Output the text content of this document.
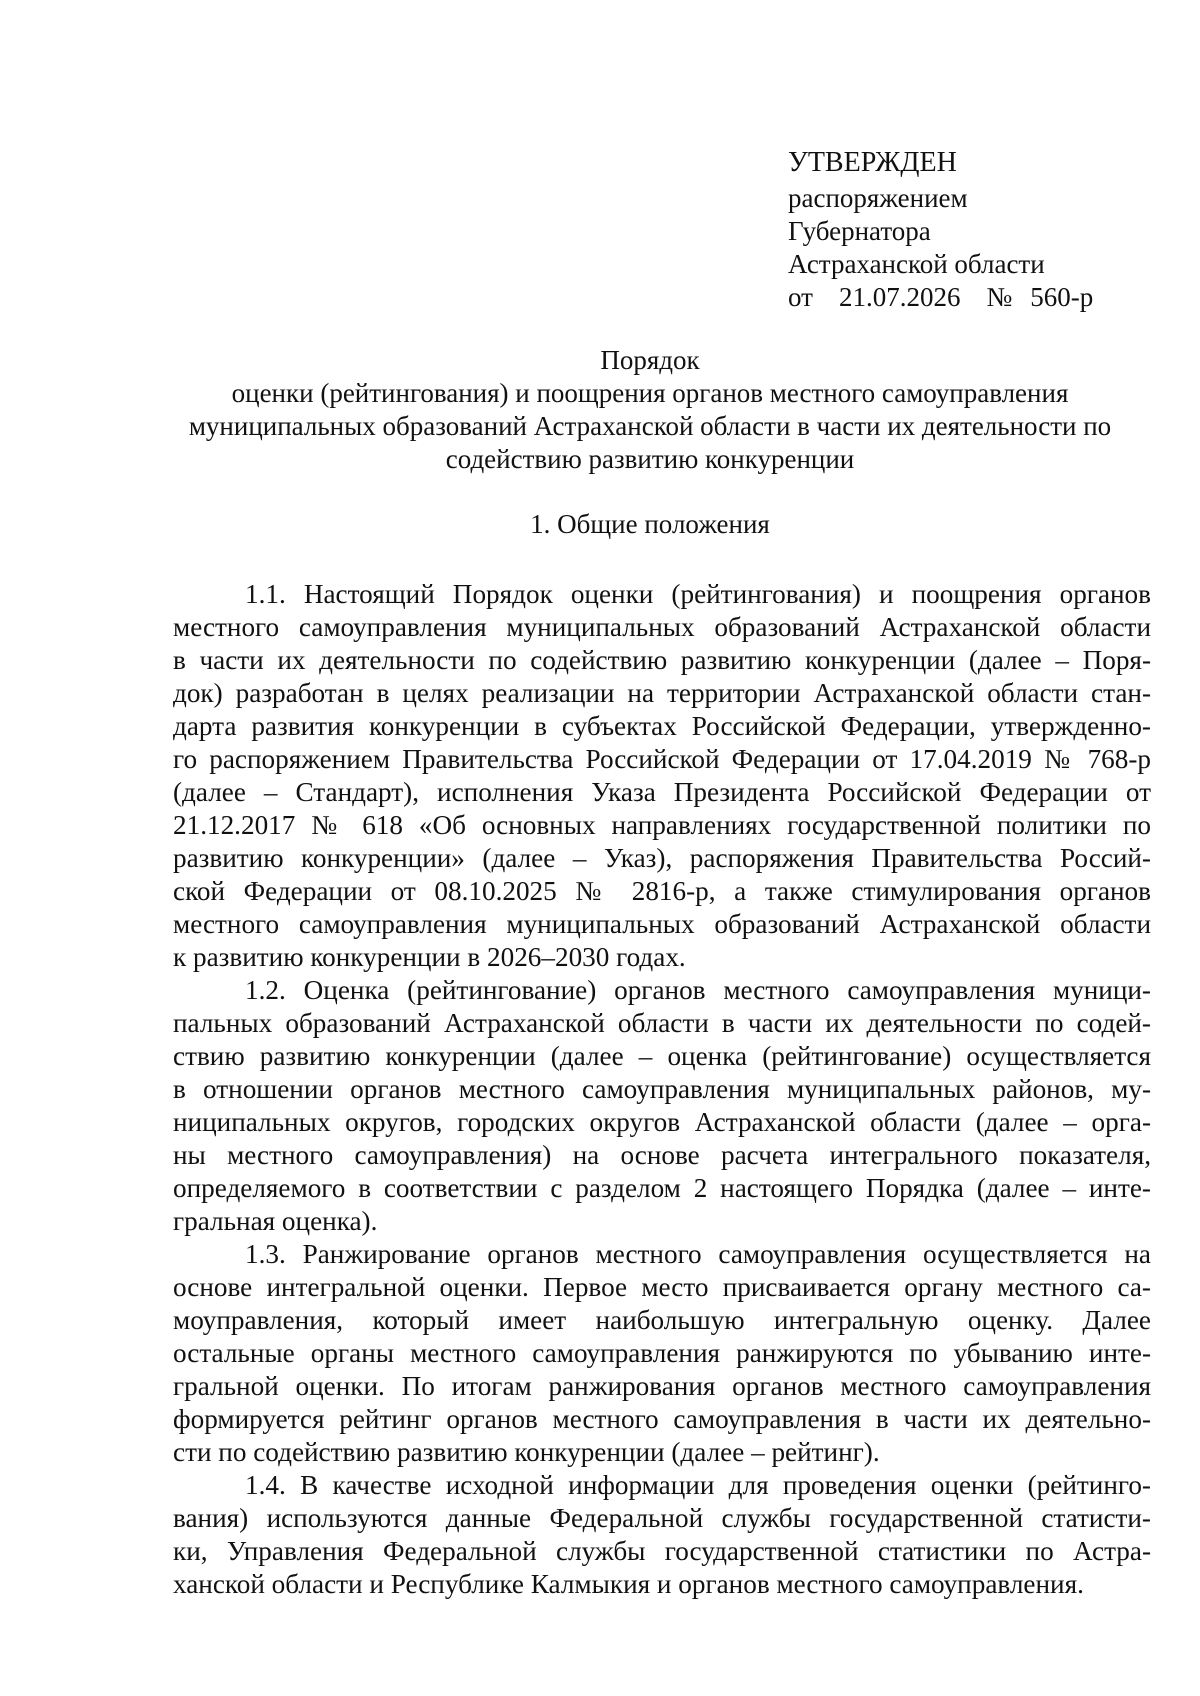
УТВЕРЖДЕН
распоряжением
Губернатора
Астраханской области
от 21.07.2026 № 560-р
Порядок
оценки (рейтингования) и поощрения органов местного самоуправления
муниципальных образований Астраханской области в части их деятельности по
содействию развитию конкуренции
1. Общие положения
1.1. Настоящий Порядок оценки (рейтингования) и поощрения органов
местного самоуправления муниципальных образований Астраханской области
в части их деятельности по содействию развитию конкуренции (далее – Поря-
док) разработан в целях реализации на территории Астраханской области стан-
дарта развития конкуренции в субъектах Российской Федерации, утвержденно-
го распоряжением Правительства Российской Федерации от 17.04.2019 № 768-р
(далее – Стандарт), исполнения Указа Президента Российской Федерации от
21.12.2017 № 618 «Об основных направлениях государственной политики по
развитию конкуренции» (далее – Указ), распоряжения Правительства Россий-
ской Федерации от 08.10.2025 № 2816-р, а также стимулирования органов
местного самоуправления муниципальных образований Астраханской области
к развитию конкуренции в 2026–2030 годах.
1.2. Оценка (рейтингование) органов местного самоуправления муници-
пальных образований Астраханской области в части их деятельности по содей-
ствию развитию конкуренции (далее – оценка (рейтингование) осуществляется
в отношении органов местного самоуправления муниципальных районов, му-
ниципальных округов, городских округов Астраханской области (далее – орга-
ны местного самоуправления) на основе расчета интегрального показателя,
определяемого в соответствии с разделом 2 настоящего Порядка (далее – инте-
гральная оценка).
1.3. Ранжирование органов местного самоуправления осуществляется на
основе интегральной оценки. Первое место присваивается органу местного са-
моуправления, который имеет наибольшую интегральную оценку. Далее
остальные органы местного самоуправления ранжируются по убыванию инте-
гральной оценки. По итогам ранжирования органов местного самоуправления
формируется рейтинг органов местного самоуправления в части их деятельно-
сти по содействию развитию конкуренции (далее – рейтинг).
1.4. В качестве исходной информации для проведения оценки (рейтинго-
вания) используются данные Федеральной службы государственной статисти-
ки, Управления Федеральной службы государственной статистики по Астра-
ханской области и Республике Калмыкия и органов местного самоуправления.
